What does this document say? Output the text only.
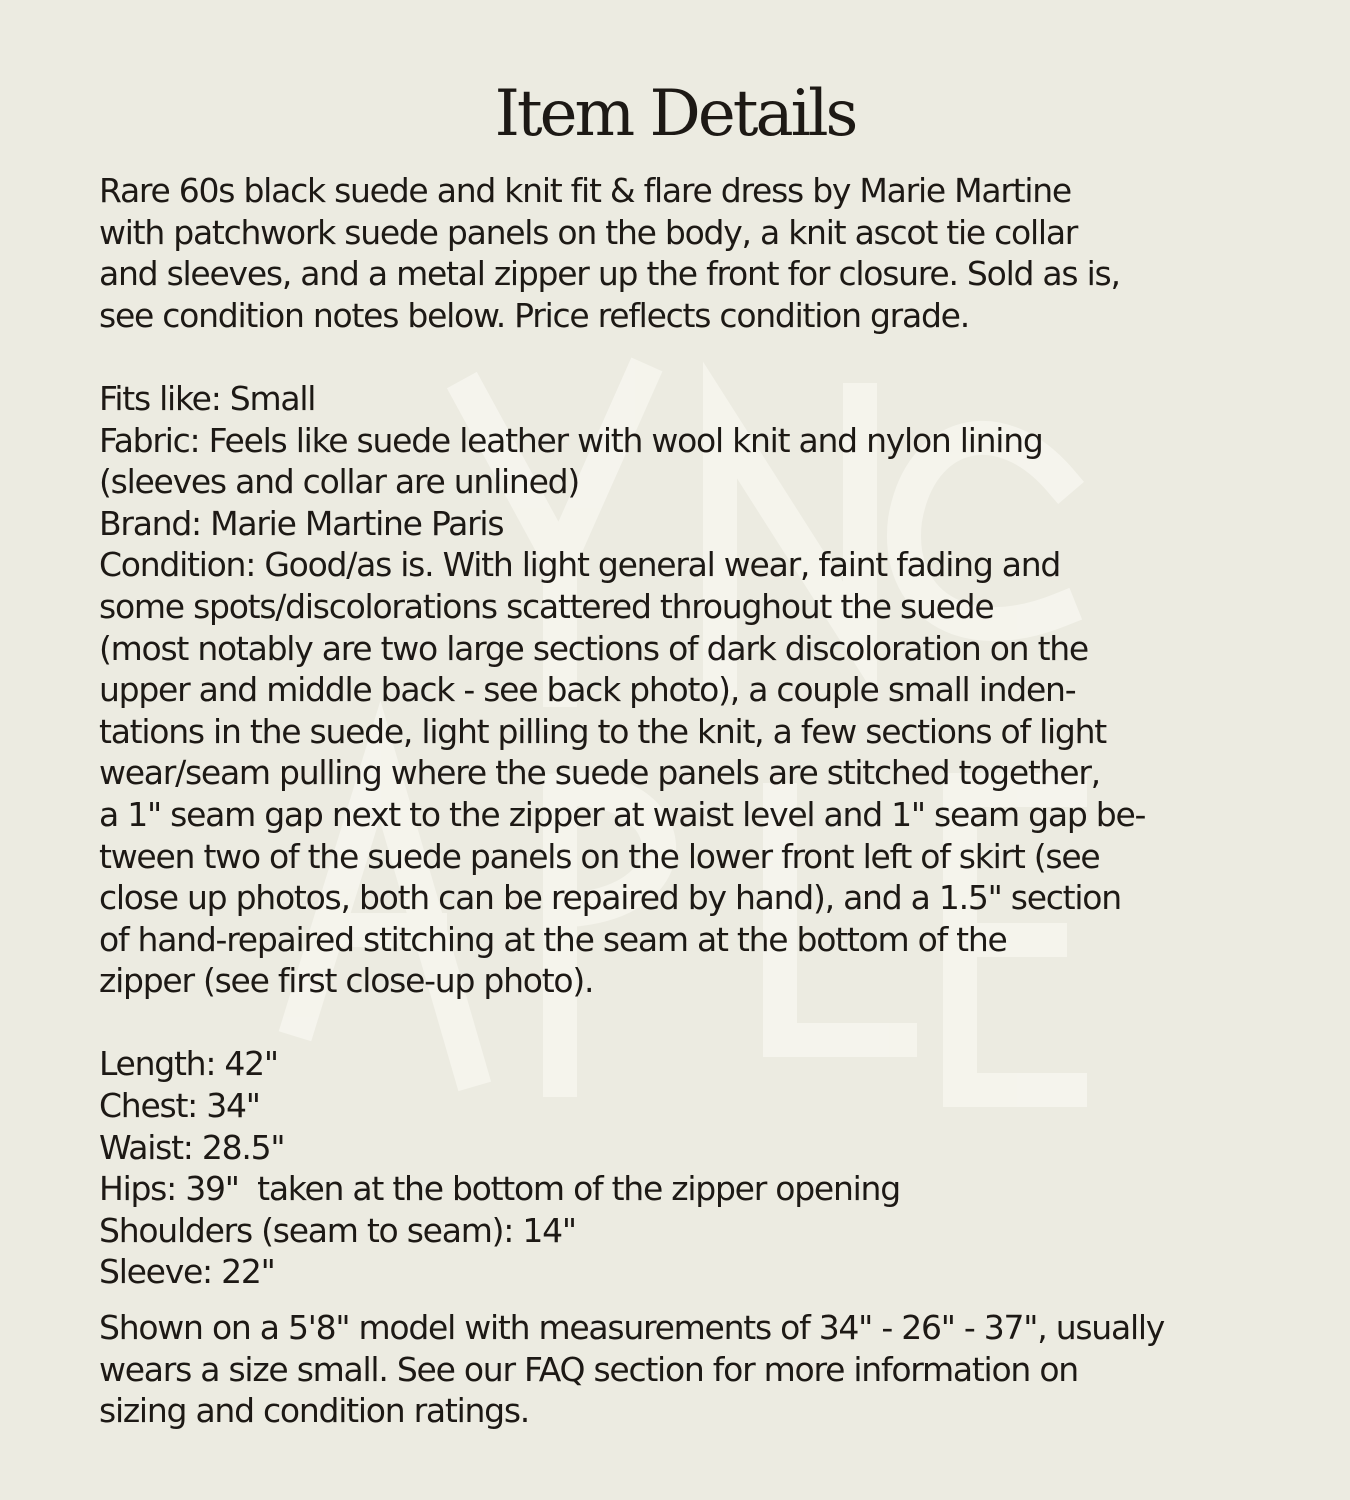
Item Details

Rare 60s black suede and knit fit & flare dress by Marie Martine
with patchwork suede panels on the body, a knit ascot tie collar
and sleeves, and a metal zipper up the front for closure. Sold as is,
see condition notes below. Price reflects condition grade.

Fits like: Small

Fabric: Feels like suede leather with wool knit and nylon lining
(sleeves and collar are unlined)

Brand: Marie Martine Paris

Condition: Good/as is. With light general wear, faint fading and
some spots/discolorations scattered throughout the suede
(most notably are two large sections of dark discoloration on the
upper and middle back - see back photo), a couple small inden-
tations in the suede, light pilling to the knit, a few sections of light
wear/seam pulling where the suede panels are stitched together,
a 1" seam gap next to the zipper at waist level and 1" seam gap be-
tween two of the suede panels on the lower front left of skirt (see
close up photos, both can be repaired by hand), and a 1.5" section
of hand-repaired stitching at the seam at the bottom of the
zipper (see first close-up photo).

Length: 42"

Chest: 34"

Waist: 28.5"

Hips: 39"  taken at the bottom of the zipper opening

Shoulders (seam to seam): 14"

Sleeve: 22"

Shown on a 5'8" model with measurements of 34" - 26" - 37", usually
wears a size small. See our FAQ section for more information on
sizing and condition ratings.
